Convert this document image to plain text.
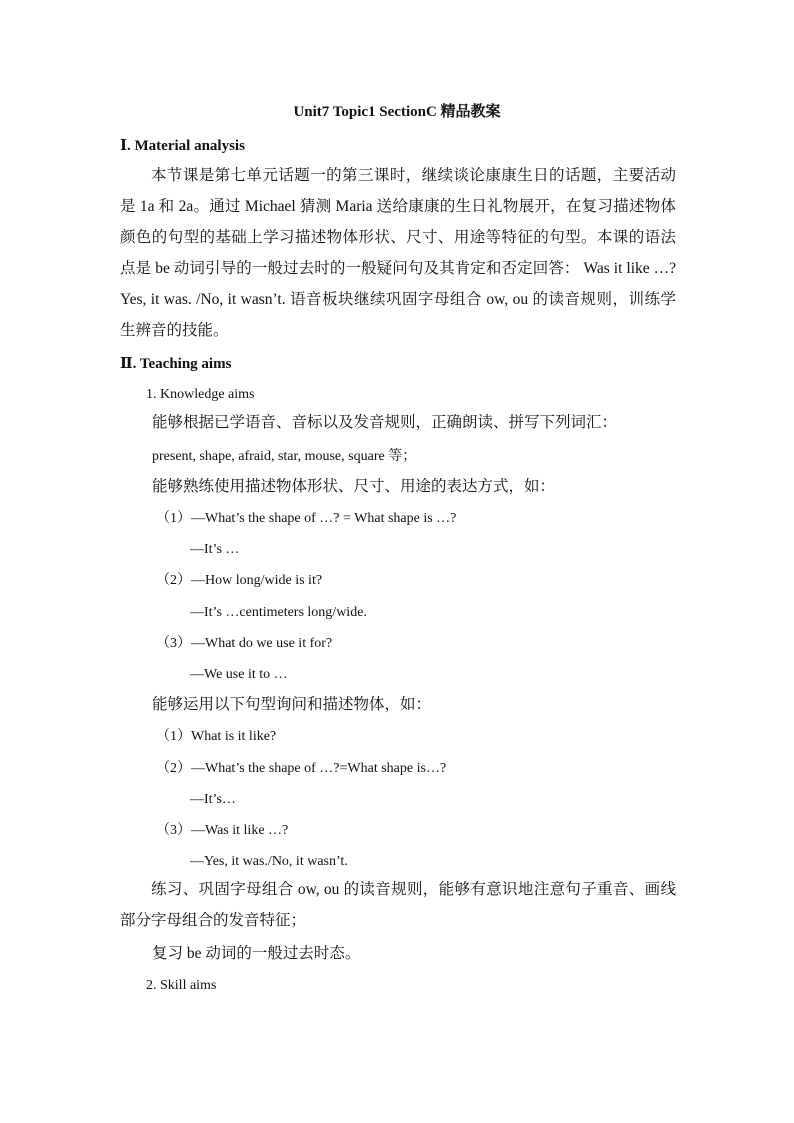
Unit7 Topic1 SectionC 精品教案
Ⅰ. Material analysis

本节课是第七单元话题一的第三课时，继续谈论康康生日的话题，主要活动是 1a 和 2a。通过 Michael 猜测 Maria 送给康康的生日礼物展开，在复习描述物体颜色的句型的基础上学习描述物体形状、尺寸、用途等特征的句型。本课的语法点是 be 动词引导的一般过去时的一般疑问句及其肯定和否定回答： Was it like …? Yes, it was. /No, it wasn’t. 语音板块继续巩固字母组合 ow, ou 的读音规则，训练学生辨音的技能。

Ⅱ. Teaching aims

1. Knowledge aims

能够根据已学语音、音标以及发音规则，正确朗读、拼写下列词汇：

present, shape, afraid, star, mouse, square 等；

能够熟练使用描述物体形状、尺寸、用途的表达方式，如：

（1）—What’s the shape of …? = What shape is …?

—It’s …

（2）—How long/wide is it?

—It’s …centimeters long/wide.

（3）—What do we use it for?

—We use it to …

能够运用以下句型询问和描述物体，如：

（1）What is it like?

（2）—What’s the shape of …?=What shape is…?

—It’s…

（3）—Was it like …?

—Yes, it was./No, it wasn’t.

练习、巩固字母组合 ow, ou 的读音规则，能够有意识地注意句子重音、画线部分字母组合的发音特征；

复习 be 动词的一般过去时态。

2. Skill aims
